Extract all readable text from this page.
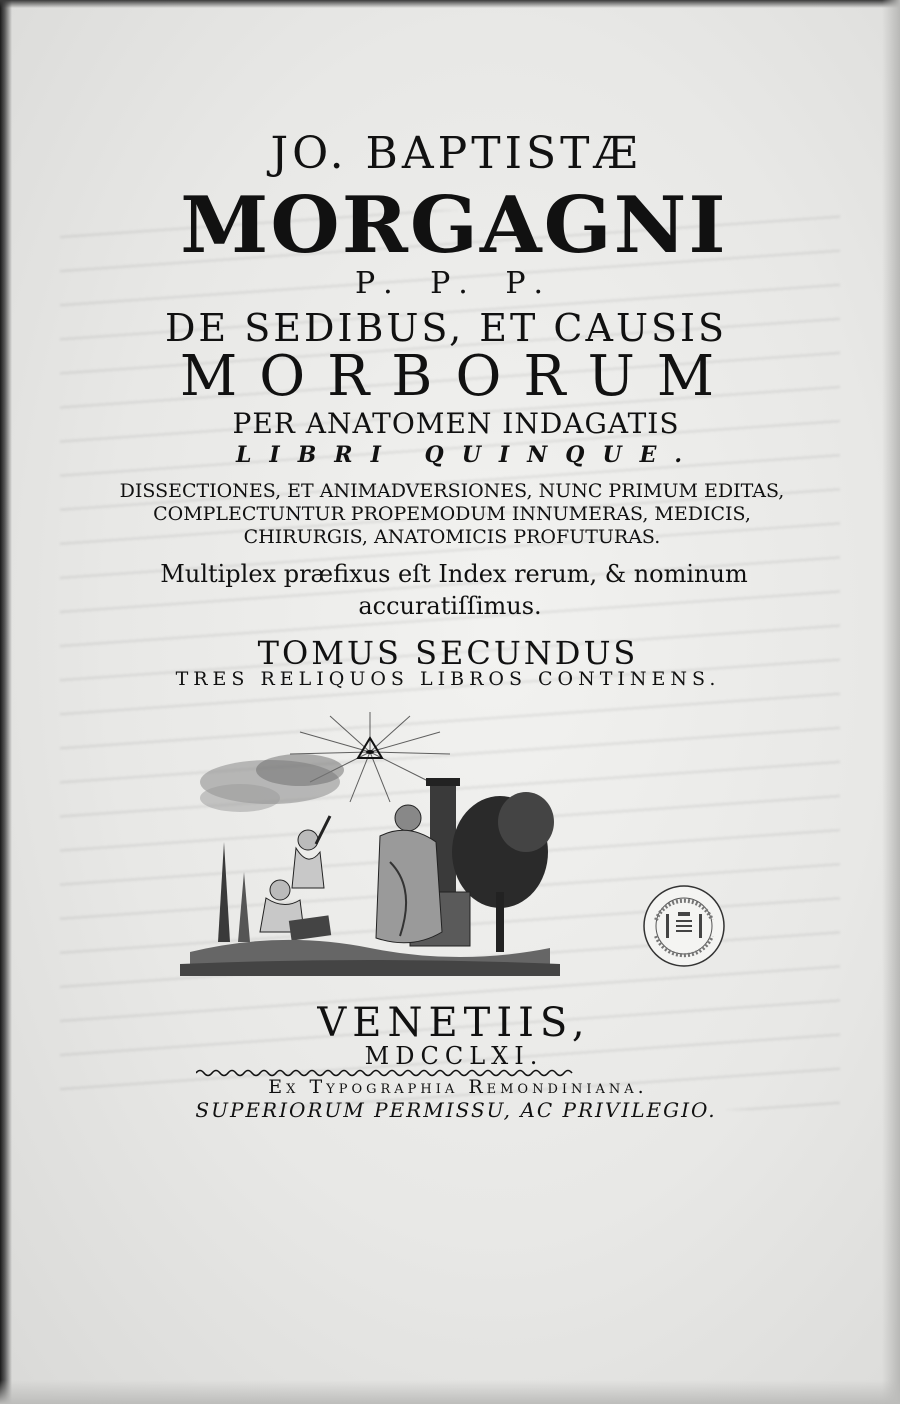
JO. BAPTISTÆ
MORGAGNI
P. P. P.
DE SEDIBUS, ET CAUSIS
MORBORUM
PER ANATOMEN INDAGATIS
LIBRI QUINQUE.
DISSECTIONES, ET ANIMADVERSIONES, NUNC PRIMUM EDITAS,
COMPLECTUNTUR PROPEMODUM INNUMERAS, MEDICIS,
CHIRURGIS, ANATOMICIS PROFUTURAS.
Multiplex præfixus eſt Index rerum, & nominum
accuratiſſimus.
TOMUS SECUNDUS
TRES RELIQUOS LIBROS CONTINENS.
VENETIIS,
MDCCLXI.
Ex Typographia Remondiniana.
SUPERIORUM PERMISSU, AC PRIVILEGIO.
